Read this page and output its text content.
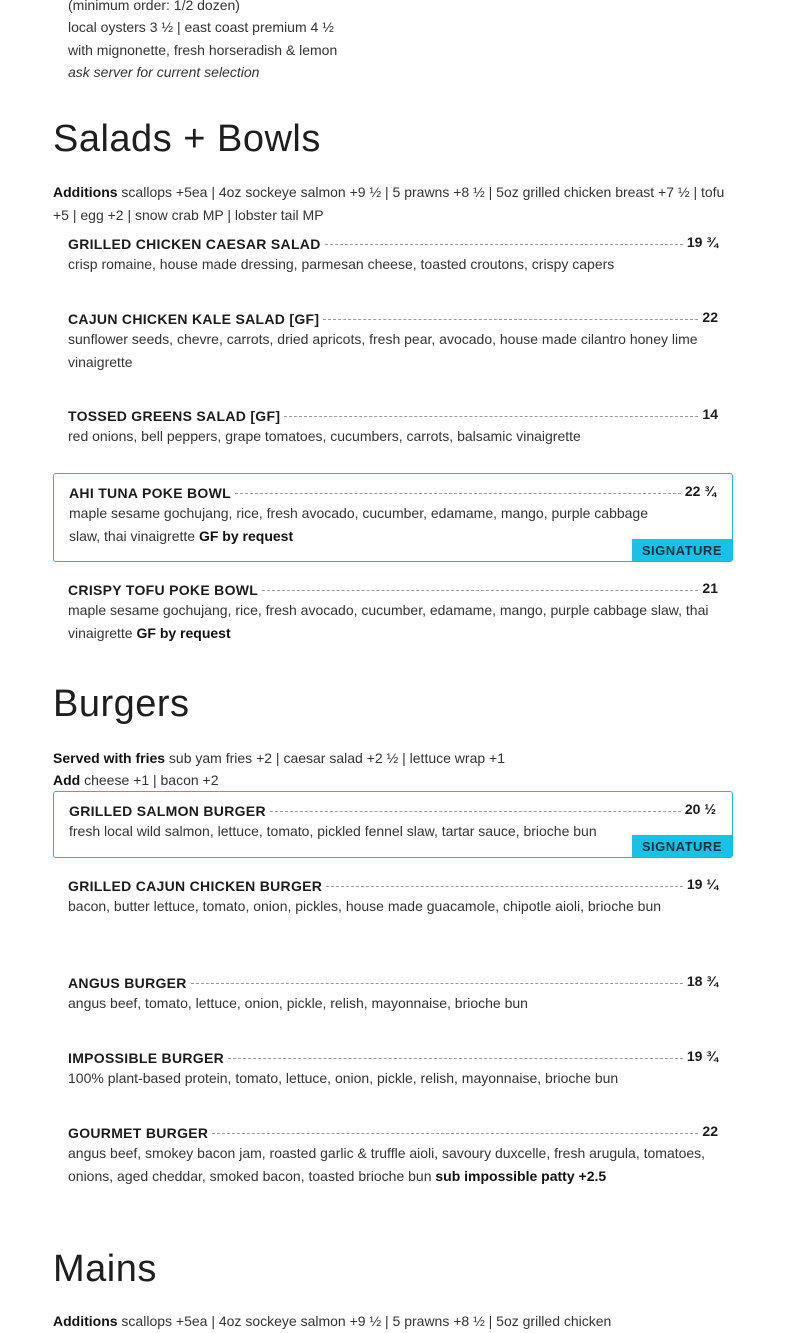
(minimum order: 1/2 dozen)
local oysters 3 ½ | east coast premium 4 ½
with mignonette, fresh horseradish & lemon
ask server for current selection
Salads + Bowls
Additions scallops +5ea | 4oz sockeye salmon +9 ½ | 5 prawns +8 ½ | 5oz grilled chicken breast +7 ½ | tofu +5 | egg +2 | snow crab MP | lobster tail MP
GRILLED CHICKEN CAESAR SALAD	19 ¾
crisp romaine, house made dressing, parmesan cheese, toasted croutons, crispy capers
CAJUN CHICKEN KALE SALAD [GF]	22
sunflower seeds, chevre, carrots, dried apricots, fresh pear, avocado, house made cilantro honey lime vinaigrette
TOSSED GREENS SALAD [GF]	14
red onions, bell peppers, grape tomatoes, cucumbers, carrots, balsamic vinaigrette
AHI TUNA POKE BOWL	22 ¾
maple sesame gochujang, rice, fresh avocado, cucumber, edamame, mango, purple cabbage slaw, thai vinaigrette GF by request
SIGNATURE
CRISPY TOFU POKE BOWL	21
maple sesame gochujang, rice, fresh avocado, cucumber, edamame, mango, purple cabbage slaw, thai vinaigrette GF by request
Burgers
Served with fries sub yam fries +2 | caesar salad +2 ½ | lettuce wrap +1
Add cheese +1 | bacon +2
GRILLED SALMON BURGER	20 ½
fresh local wild salmon, lettuce, tomato, pickled fennel slaw, tartar sauce, brioche bun
SIGNATURE
GRILLED CAJUN CHICKEN BURGER	19 ¼
bacon, butter lettuce, tomato, onion, pickles, house made guacamole, chipotle aioli, brioche bun
ANGUS BURGER	18 ¾
angus beef, tomato, lettuce, onion, pickle, relish, mayonnaise, brioche bun
IMPOSSIBLE BURGER	19 ¾
100% plant-based protein, tomato, lettuce, onion, pickle, relish, mayonnaise, brioche bun
GOURMET BURGER	22
angus beef, smokey bacon jam, roasted garlic & truffle aioli, savoury duxcelle, fresh arugula, tomatoes, onions, aged cheddar, smoked bacon, toasted brioche bun sub impossible patty +2.5
Mains
Additions scallops +5ea | 4oz sockeye salmon +9 ½ | 5 prawns +8 ½ | 5oz grilled chicken
